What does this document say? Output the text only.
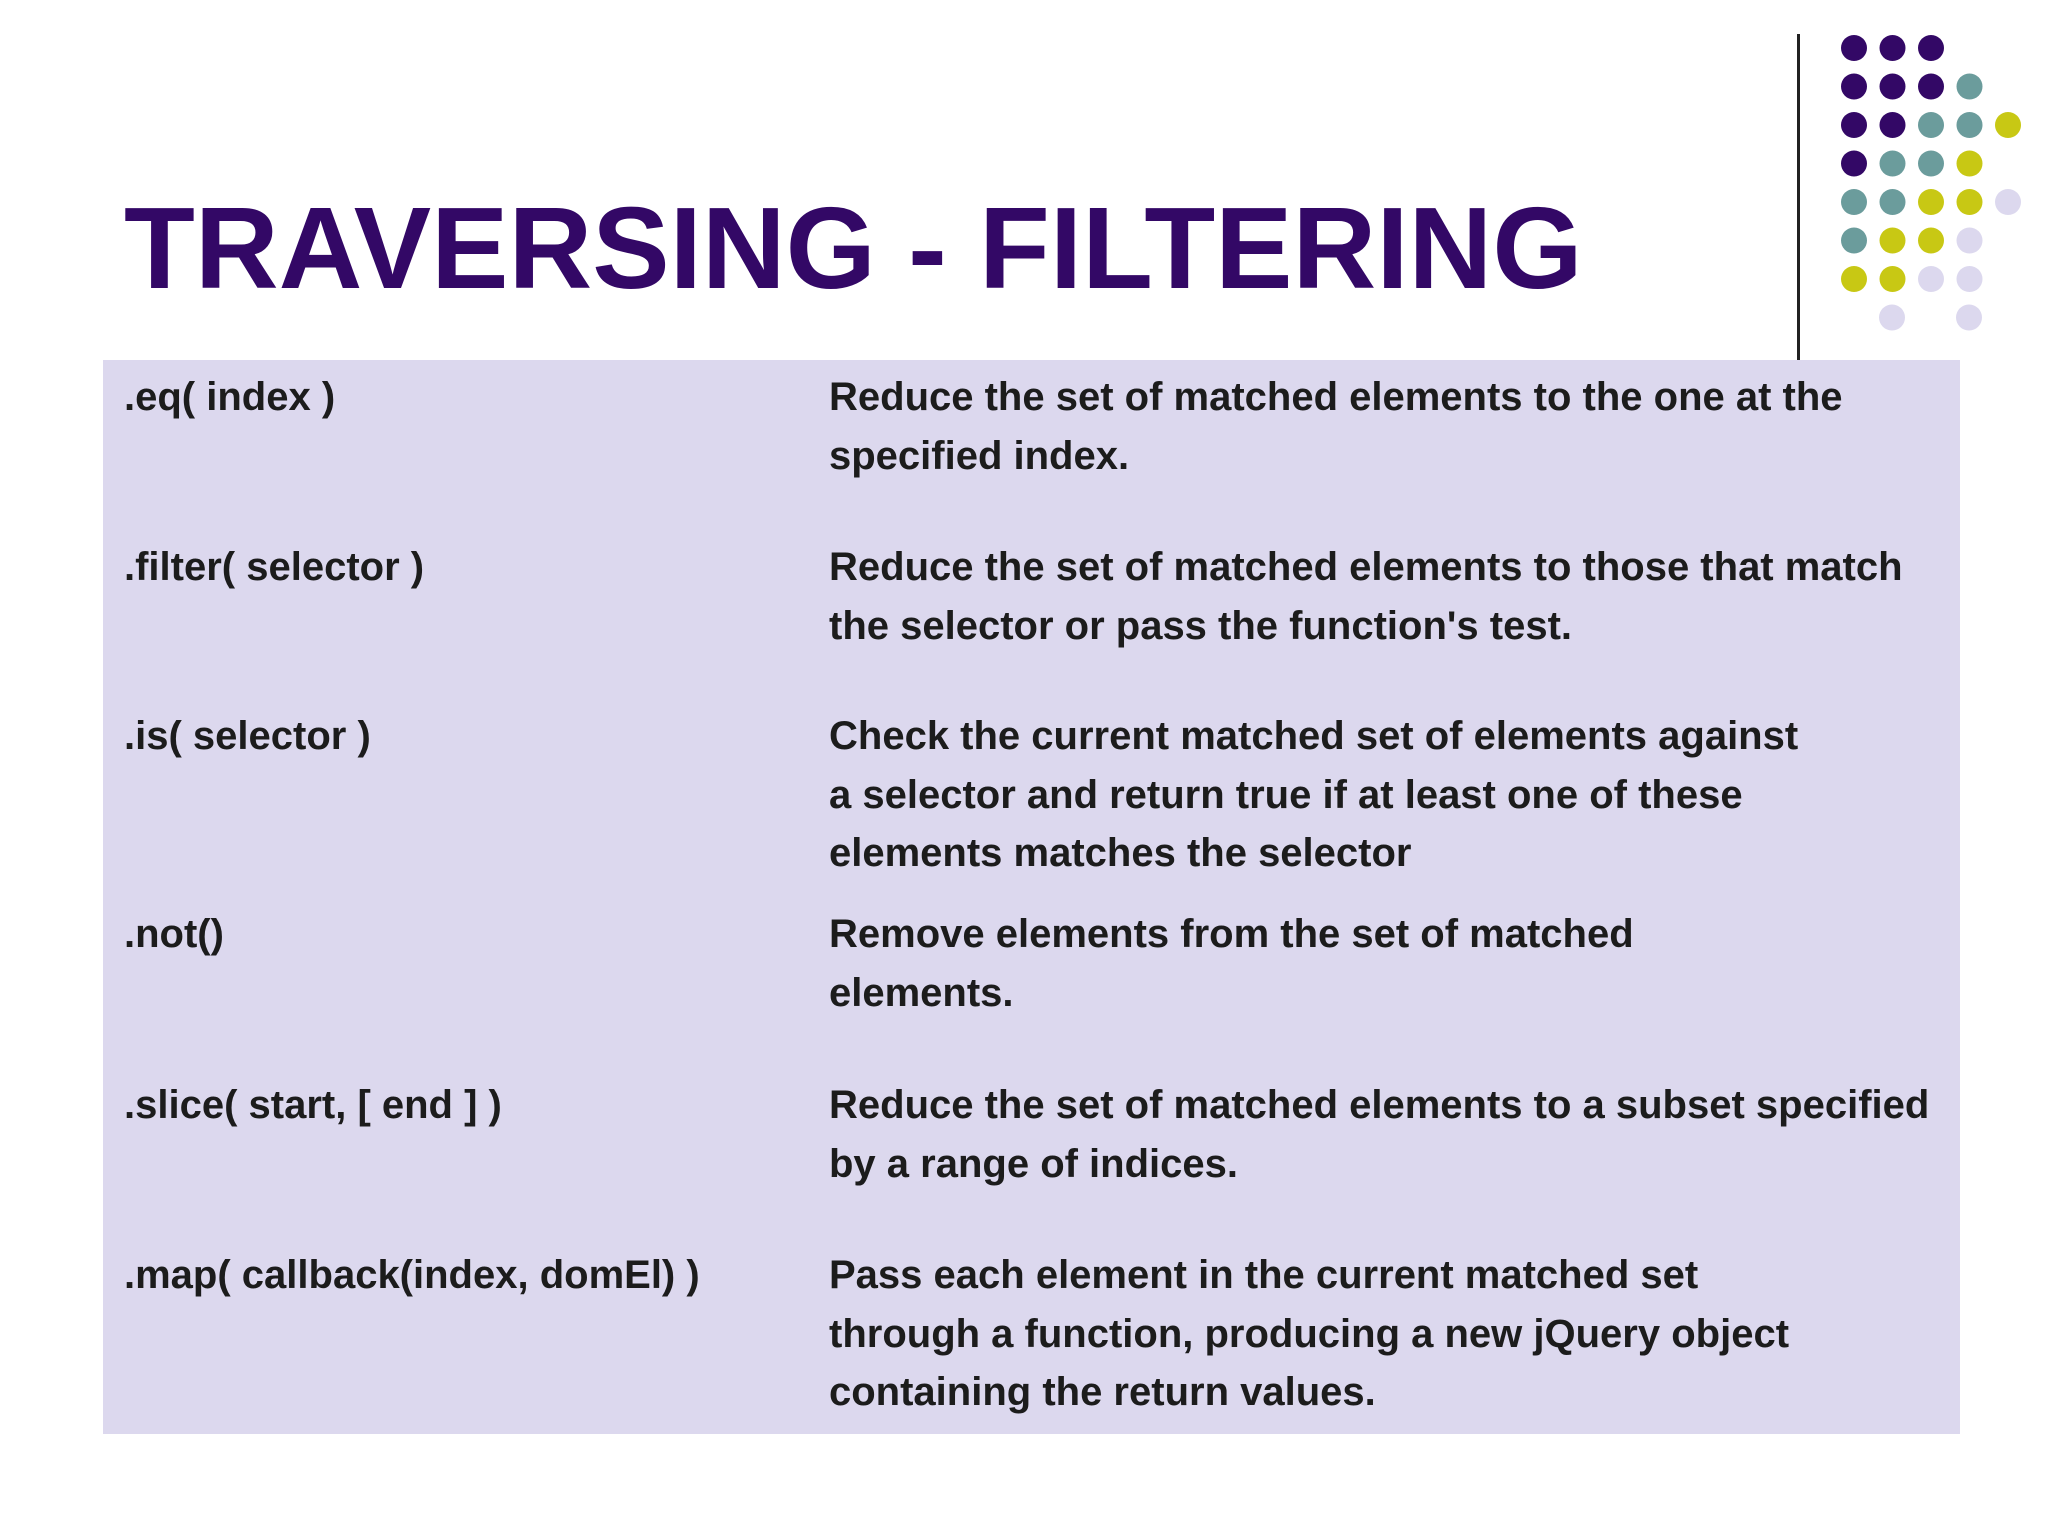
TRAVERSING - FILTERING

.eq( index )	Reduce the set of matched elements to the one at the specified index.

.filter( selector )	Reduce the set of matched elements to those that match the selector or pass the function's test.

.is( selector )	Check the current matched set of elements against a selector and return true if at least one of these elements matches the selector

.not()	Remove elements from the set of matched elements.

.slice( start, [ end ] )	Reduce the set of matched elements to a subset specified by a range of indices.

.map( callback(index, domEl) )	Pass each element in the current matched set through a function, producing a new jQuery object containing the return values.
